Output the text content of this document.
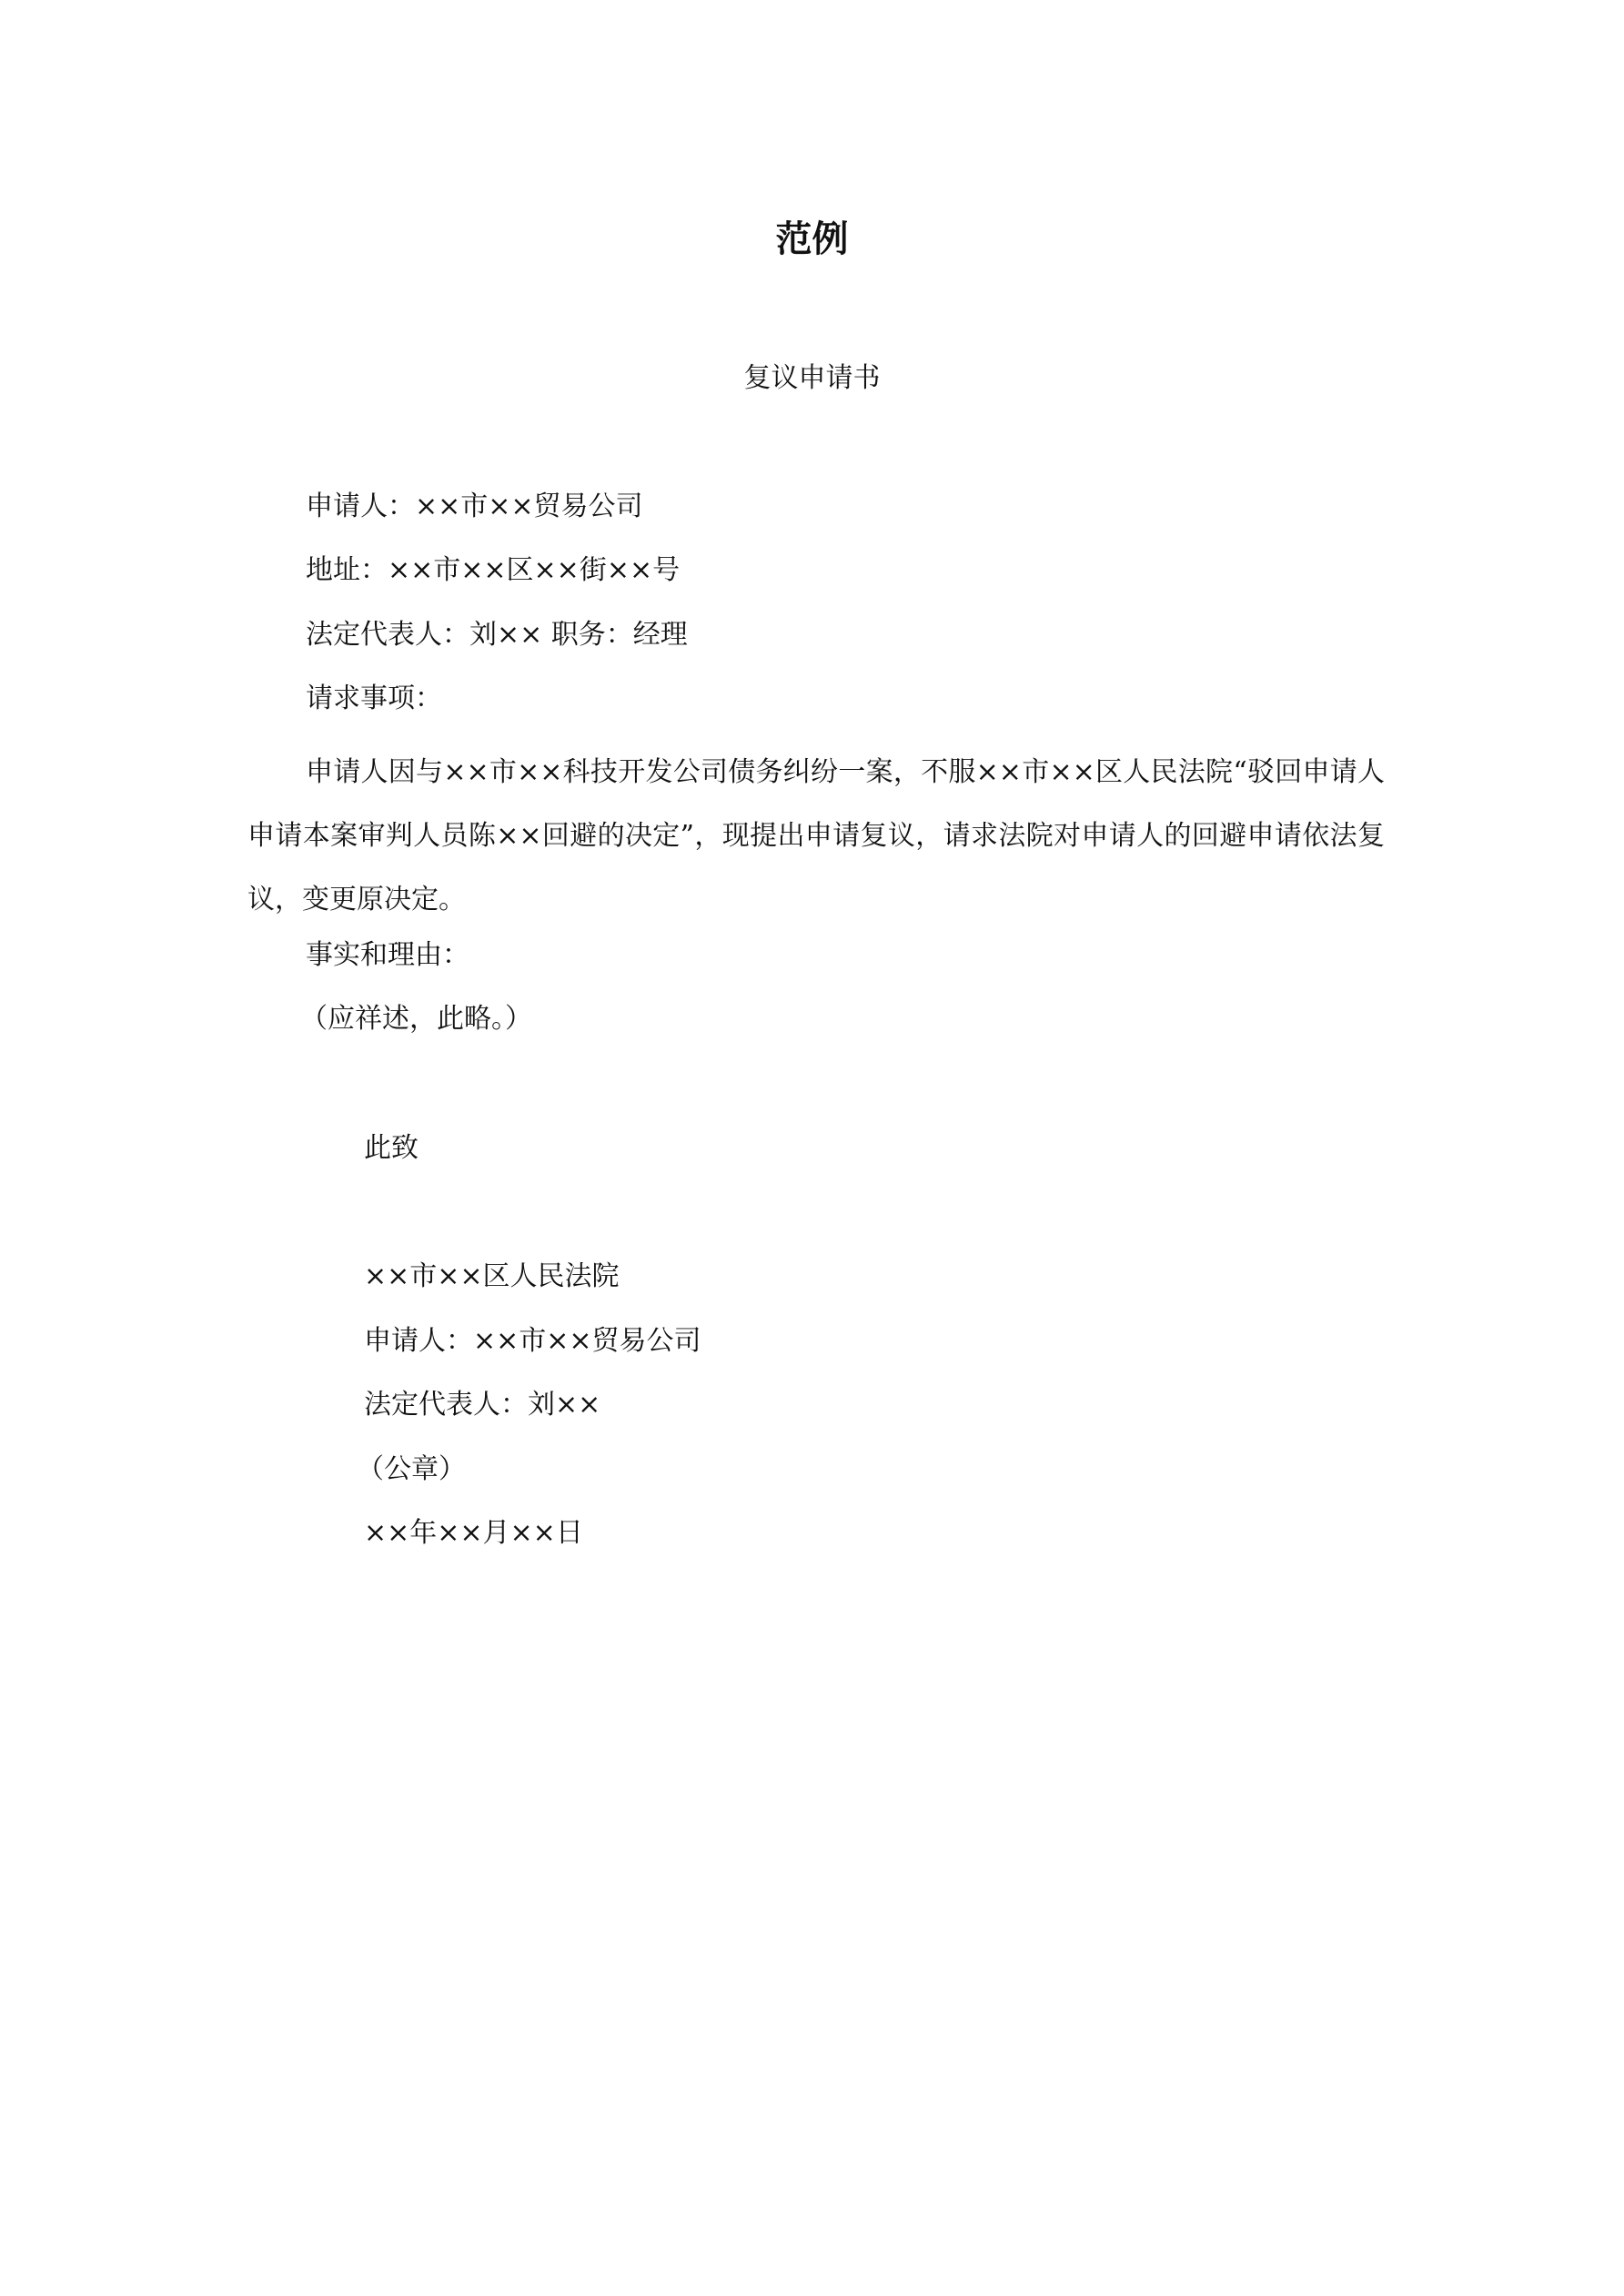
范例
复议申请书
申请人：××市××贸易公司
地址：××市××区××街××号
法定代表人：刘×× 职务：经理
请求事项：
申请人因与××市××科技开发公司债务纠纷一案，不服××市××区人民法院“驳回申请人申请本案审判人员陈××回避的决定”，现提出申请复议，请求法院对申请人的回避申请依法复议，变更原决定。
事实和理由：
（应祥述，此略。）
此致
××市××区人民法院
申请人：××市××贸易公司
法定代表人：刘××
（公章）
××年××月××日
